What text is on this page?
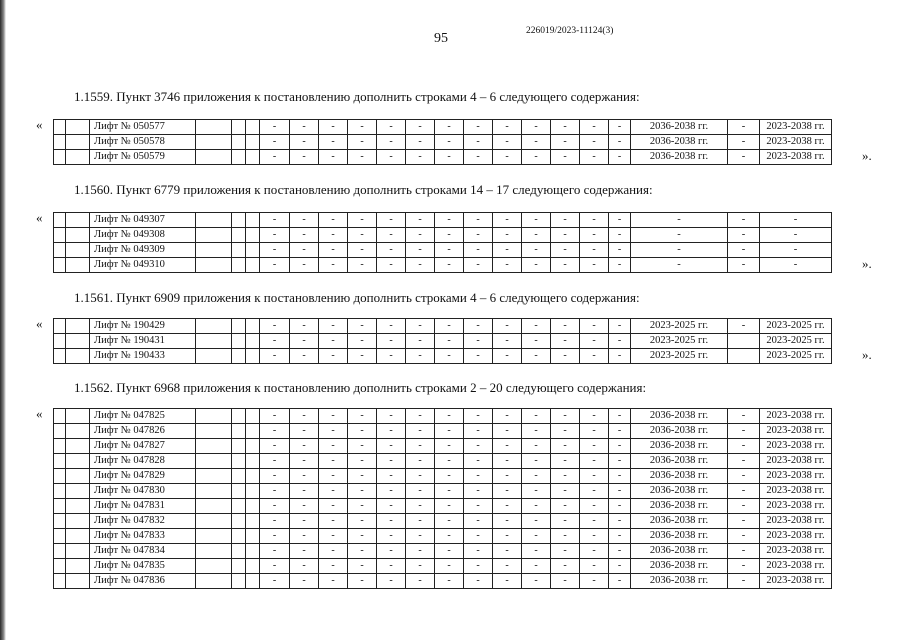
95	226019/2023-11124(3)
1.1559. Пункт 3746 приложения к постановлению дополнить строками 4 – 6 следующего содержания:
«
			Лифт № 050577				-	-	-	-	-	-	-	-	-	-	-	-	-	2036-2038 гг.	-	2023-2038 гг.
		Лифт № 050578				-	-	-	-	-	-	-	-	-	-	-	-	-	2036-2038 гг.	-	2023-2038 гг.
		Лифт № 050579				-	-	-	-	-	-	-	-	-	-	-	-	-	2036-2038 гг.	-	2023-2038 гг.	».
1.1560. Пункт 6779 приложения к постановлению дополнить строками 14 – 17 следующего содержания:
«
			Лифт № 049307				-	-	-	-	-	-	-	-	-	-	-	-	-	-	-	-
		Лифт № 049308				-	-	-	-	-	-	-	-	-	-	-	-	-	-	-	-
		Лифт № 049309				-	-	-	-	-	-	-	-	-	-	-	-	-	-	-	-
		Лифт № 049310				-	-	-	-	-	-	-	-	-	-	-	-	-	-	-	-	».
1.1561. Пункт 6909 приложения к постановлению дополнить строками 4 – 6 следующего содержания:
«
			Лифт № 190429				-	-	-	-	-	-	-	-	-	-	-	-	-	2023-2025 гг.	-	2023-2025 гг.
		Лифт № 190431				-	-	-	-	-	-	-	-	-	-	-	-	-	2023-2025 гг.		2023-2025 гг.
		Лифт № 190433				-	-	-	-	-	-	-	-	-	-	-	-	-	2023-2025 гг.		2023-2025 гг.	».
1.1562. Пункт 6968 приложения к постановлению дополнить строками 2 – 20 следующего содержания:
«
			Лифт № 047825				-	-	-	-	-	-	-	-	-	-	-	-	-	2036-2038 гг.	-	2023-2038 гг.
		Лифт № 047826				-	-	-	-	-	-	-	-	-	-	-	-	-	2036-2038 гг.	-	2023-2038 гг.
		Лифт № 047827				-	-	-	-	-	-	-	-	-	-	-	-	-	2036-2038 гг.	-	2023-2038 гг.
		Лифт № 047828				-	-	-	-	-	-	-	-	-	-	-	-	-	2036-2038 гг.	-	2023-2038 гг.
		Лифт № 047829				-	-	-	-	-	-	-	-	-	-	-	-	-	2036-2038 гг.	-	2023-2038 гг.
		Лифт № 047830				-	-	-	-	-	-	-	-	-	-	-	-	-	2036-2038 гг.	-	2023-2038 гг.
		Лифт № 047831				-	-	-	-	-	-	-	-	-	-	-	-	-	2036-2038 гг.	-	2023-2038 гг.
		Лифт № 047832				-	-	-	-	-	-	-	-	-	-	-	-	-	2036-2038 гг.	-	2023-2038 гг.
		Лифт № 047833				-	-	-	-	-	-	-	-	-	-	-	-	-	2036-2038 гг.	-	2023-2038 гг.
		Лифт № 047834				-	-	-	-	-	-	-	-	-	-	-	-	-	2036-2038 гг.	-	2023-2038 гг.
		Лифт № 047835				-	-	-	-	-	-	-	-	-	-	-	-	-	2036-2038 гг.	-	2023-2038 гг.
		Лифт № 047836				-	-	-	-	-	-	-	-	-	-	-	-	-	2036-2038 гг.	-	2023-2038 гг.
